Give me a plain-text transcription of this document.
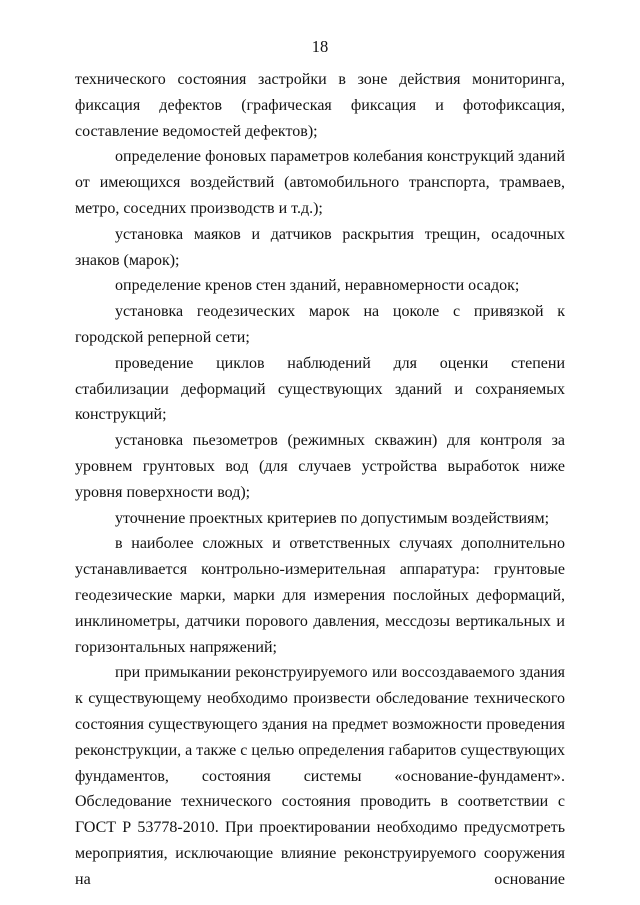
18

технического состояния застройки в зоне действия мониторинга, фиксация дефектов (графическая фиксация и фотофиксация, составление ведомостей дефектов);

определение фоновых параметров колебания конструкций зданий от имеющихся воздействий (автомобильного транспорта, трамваев, метро, соседних производств и т.д.);

установка маяков и датчиков раскрытия трещин, осадочных знаков (марок);

определение кренов стен зданий, неравномерности осадок;

установка геодезических марок на цоколе с привязкой к городской реперной сети;

проведение циклов наблюдений для оценки степени стабилизации деформаций существующих зданий и сохраняемых конструкций;

установка пьезометров (режимных скважин) для контроля за уровнем грунтовых вод (для случаев устройства выработок ниже уровня поверхности вод);

уточнение проектных критериев по допустимым воздействиям;

в наиболее сложных и ответственных случаях дополнительно устанавливается контрольно-измерительная аппаратура: грунтовые геодезические марки, марки для измерения послойных деформаций, инклинометры, датчики порового давления, мессдозы вертикальных и горизонтальных напряжений;

при примыкании реконструируемого или воссоздаваемого здания к существующему необходимо произвести обследование технического состояния существующего здания на предмет возможности проведения реконструкции, а также с целью определения габаритов существующих фундаментов, состояния системы «основание-фундамент». Обследование технического состояния проводить в соответствии с ГОСТ Р 53778-2010. При проектировании необходимо предусмотреть мероприятия, исключающие влияние реконструируемого сооружения на основание
